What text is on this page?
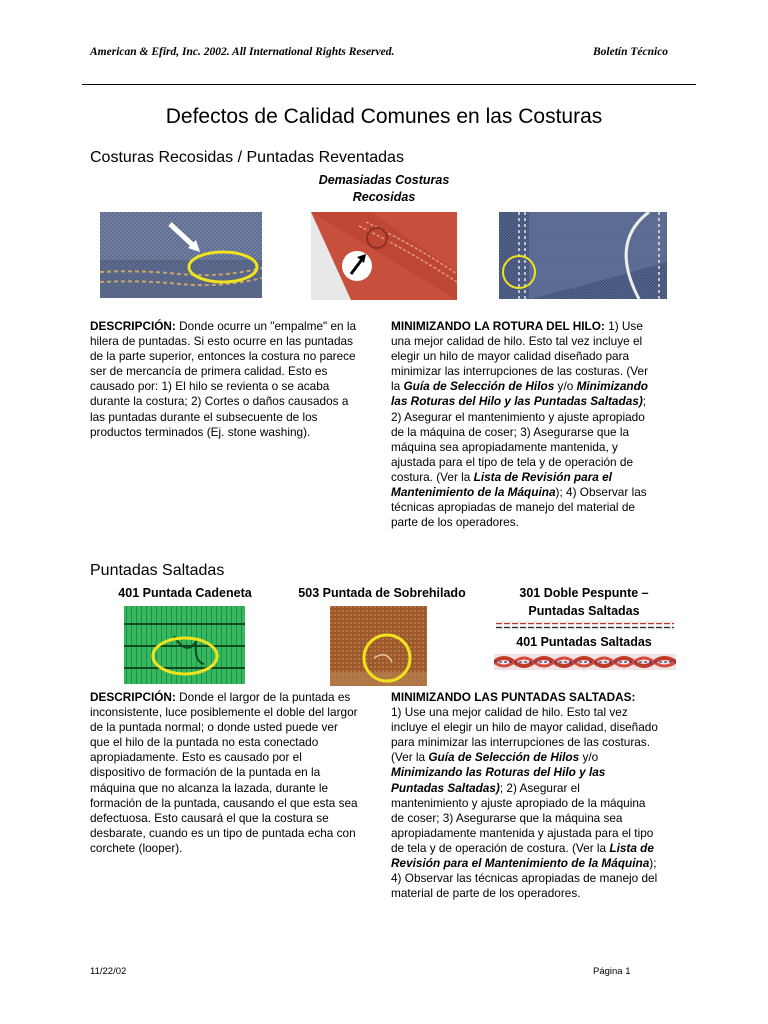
American & Efird, Inc. 2002. All International Rights Reserved.	Boletín Técnico
Defectos de Calidad Comunes en las Costuras
Costuras Recosidas / Puntadas Reventadas
Demasiadas Costuras
Recosidas
DESCRIPCIÓN: Donde ocurre un "empalme" en la
hilera de puntadas. Si esto ocurre en las puntadas
de la parte superior, entonces la costura no parece
ser de mercancía de primera calidad. Esto es
causado por: 1) El hilo se revienta o se acaba
durante la costura; 2) Cortes o daños causados a
las puntadas durante el subsecuente de los
productos terminados (Ej. stone washing).
MINIMIZANDO LA ROTURA DEL HILO: 1) Use
una mejor calidad de hilo. Esto tal vez incluye el
elegir un hilo de mayor calidad diseñado para
minimizar las interrupciones de las costuras. (Ver
la Guía de Selección de Hilos y/o Minimizando
las Roturas del Hilo y las Puntadas Saltadas);
2) Asegurar el mantenimiento y ajuste apropiado
de la máquina de coser; 3) Asegurarse que la
máquina sea apropiadamente mantenida, y
ajustada para el tipo de tela y de operación de
costura. (Ver la Lista de Revisión para el
Mantenimiento de la Máquina); 4) Observar las
técnicas apropiadas de manejo del material de
parte de los operadores.
Puntadas Saltadas
401 Puntada Cadeneta	503 Puntada de Sobrehilado	301 Doble Pespunte –
Puntadas Saltadas
401 Puntadas Saltadas
DESCRIPCIÓN: Donde el largor de la puntada es
inconsistente, luce posiblemente el doble del largor
de la puntada normal; o donde usted puede ver
que el hilo de la puntada no esta conectado
apropiadamente. Esto es causado por el
dispositivo de formación de la puntada en la
máquina que no alcanza la lazada, durante le
formación de la puntada, causando el que esta sea
defectuosa. Esto causará el que la costura se
desbarate, cuando es un tipo de puntada echa con
corchete (looper).
MINIMIZANDO LAS PUNTADAS SALTADAS:
1) Use una mejor calidad de hilo. Esto tal vez
incluye el elegir un hilo de mayor calidad, diseñado
para minimizar las interrupciones de las costuras.
(Ver la Guía de Selección de Hilos y/o
Minimizando las Roturas del Hilo y las
Puntadas Saltadas); 2) Asegurar el
mantenimiento y ajuste apropiado de la máquina
de coser; 3) Asegurarse que la máquina sea
apropiadamente mantenida y ajustada para el tipo
de tela y de operación de costura. (Ver la Lista de
Revisión para el Mantenimiento de la Máquina);
4) Observar las técnicas apropiadas de manejo del
material de parte de los operadores.
11/22/02	Página 1
